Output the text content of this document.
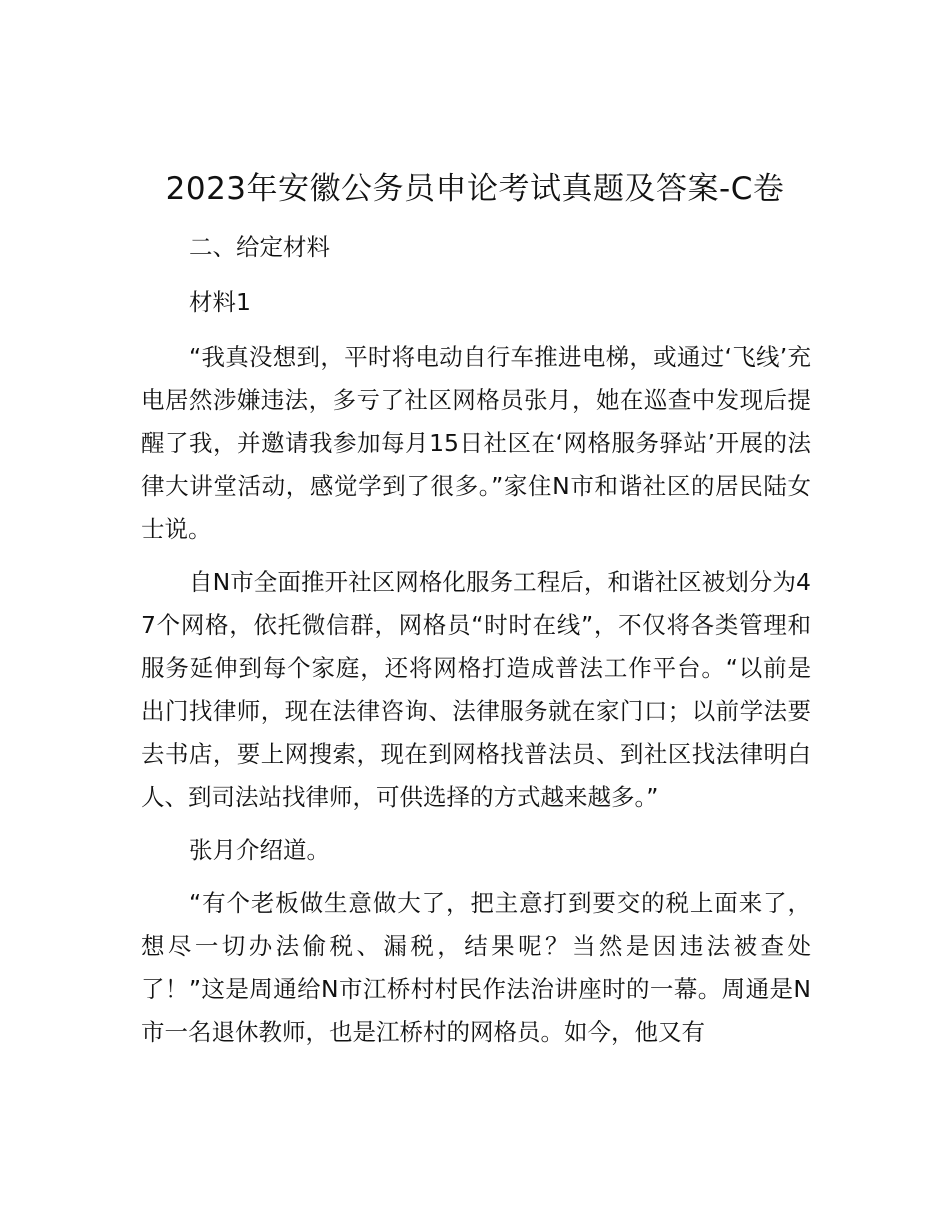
2023年安徽公务员申论考试真题及答案-C卷

二、给定材料

材料1

“我真没想到，平时将电动自行车推进电梯，或通过‘飞线’充电居然涉嫌违法，多亏了社区网格员张月，她在巡查中发现后提醒了我，并邀请我参加每月15日社区在‘网格服务驿站’开展的法律大讲堂活动，感觉学到了很多。”家住N市和谐社区的居民陆女士说。

自N市全面推开社区网格化服务工程后，和谐社区被划分为47个网格，依托微信群，网格员“时时在线”，不仅将各类管理和服务延伸到每个家庭，还将网格打造成普法工作平台。“以前是出门找律师，现在法律咨询、法律服务就在家门口；以前学法要去书店，要上网搜索，现在到网格找普法员、到社区找法律明白人、到司法站找律师，可供选择的方式越来越多。”

张月介绍道。

“有个老板做生意做大了，把主意打到要交的税上面来了，想尽一切办法偷税、漏税，结果呢？当然是因违法被查处了！”这是周通给N市江桥村村民作法治讲座时的一幕。周通是N市一名退休教师，也是江桥村的网格员。如今，他又有
